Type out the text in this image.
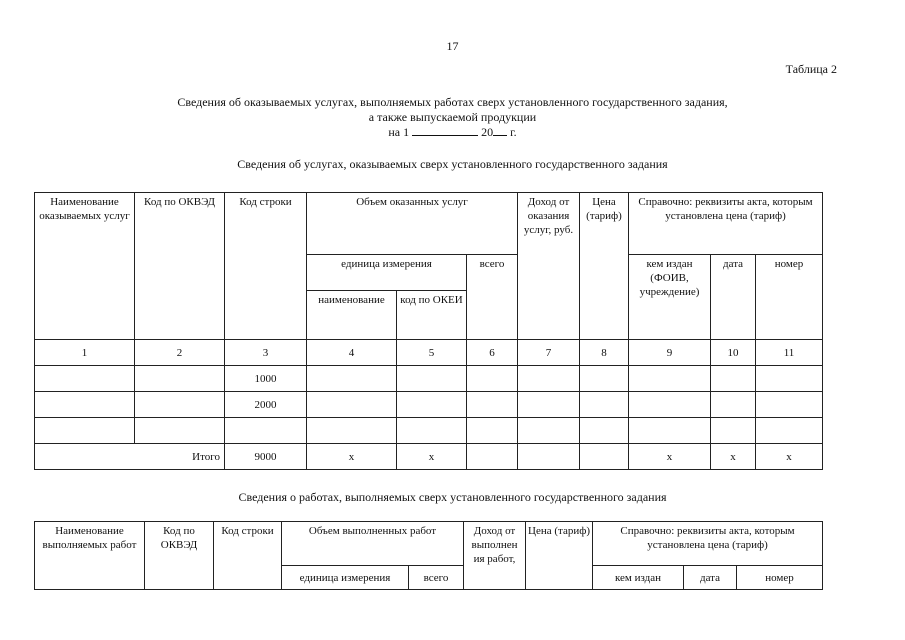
17
Таблица 2
Сведения об оказываемых услугах, выполняемых работах сверх установленного государственного задания,
а также выпускаемой продукции
на 1	20 г.
Сведения об услугах, оказываемых сверх установленного государственного задания
Наименование оказываемых услуг	Код по ОКВЭД	Код строки	Объем оказанных услуг			Доход от оказания услуг, руб.	Цена (тариф)	Справочно: реквизиты акта, которым установлена цена (тариф)		
			единица измерения		всего			кем издан (ФОИВ, учреждение)	дата	номер
			наименование	код по ОКЕИ						
1	2	3	4	5	6	7	8	9	10	11
		1000								
		2000								

Итого		9000	x	x				x	x	x
Сведения о работах, выполняемых сверх установленного государственного задания
Наименование выполняемых работ	Код по ОКВЭД	Код строки	Объем выполненных работ		Доход от выполнен ия работ,	Цена (тариф)	Справочно: реквизиты акта, которым установлена цена (тариф)		
			единица измерения	всего			кем издан	дата	номер
